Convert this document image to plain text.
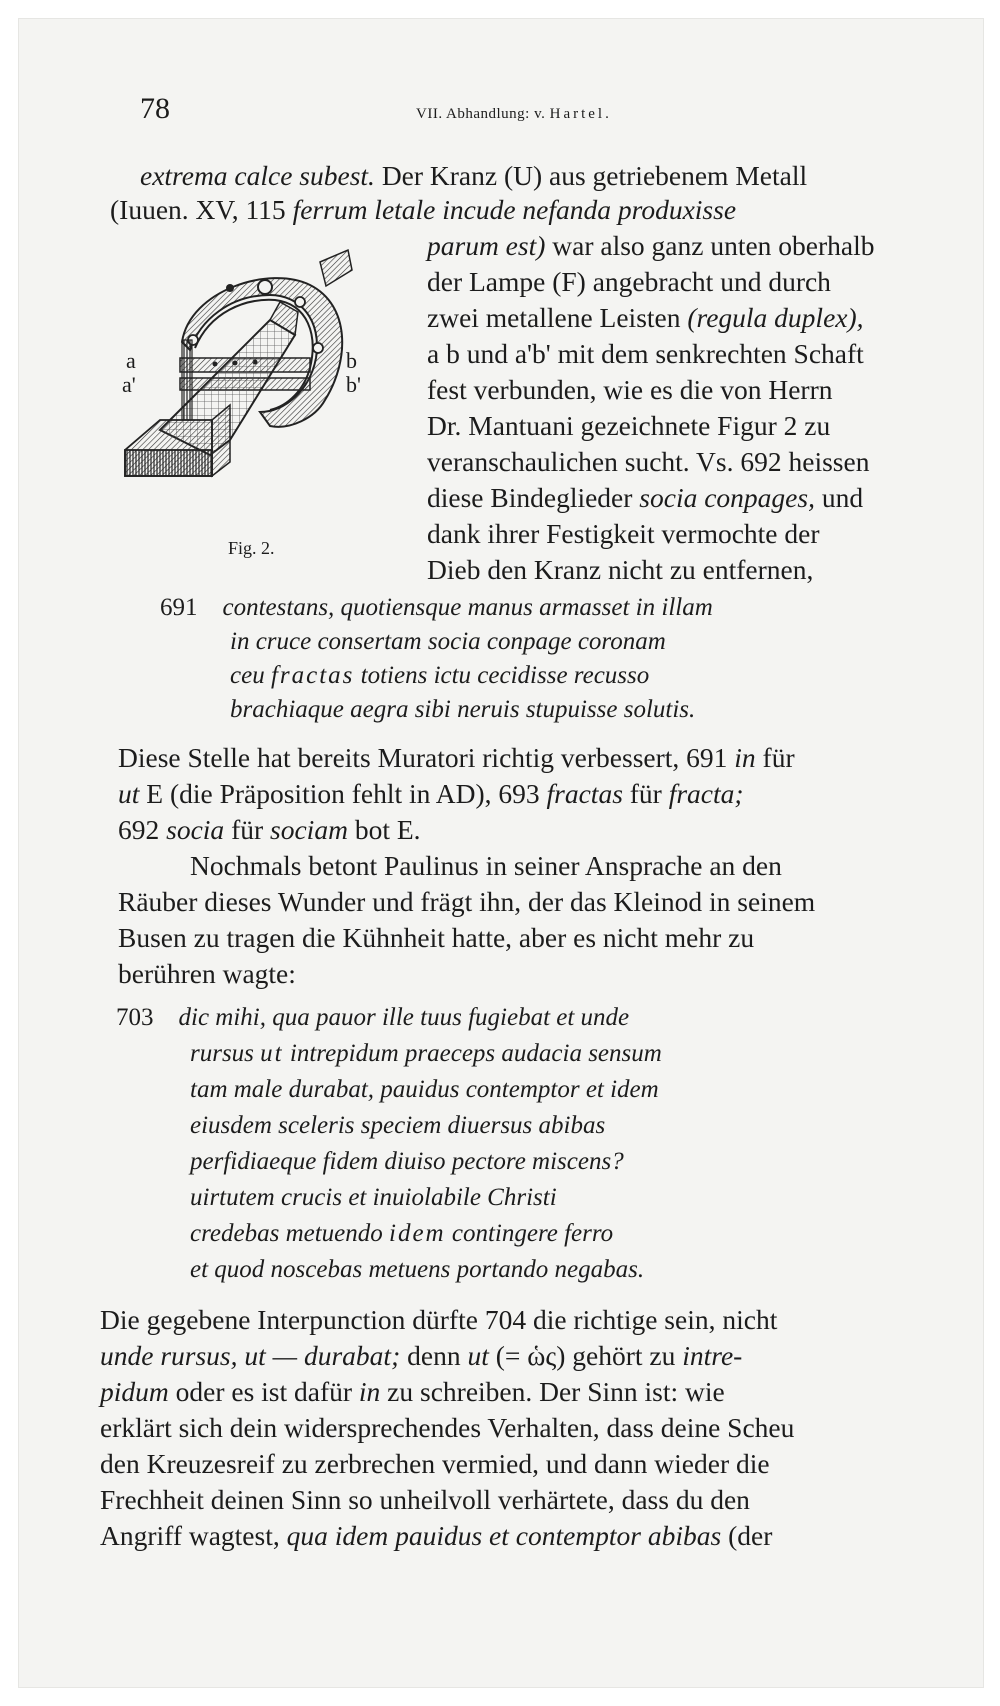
78	VII. Abhandlung: v. Hartel.
a
a'
b
b'
Fig. 2.

extrema calce subest. Der Kranz (U) aus getriebenem Metall

(Iuuen. XV, 115 ferrum letale incude nefanda produxisse

parum est) war also ganz unten oberhalb

der Lampe (F) angebracht und durch

zwei metallene Leisten (regula duplex),

a b und a'b' mit dem senkrechten Schaft

fest verbunden, wie es die von Herrn

Dr. Mantuani gezeichnete Figur 2 zu

veranschaulichen sucht. Vs. 692 heissen

diese Bindeglieder socia conpages, und

dank ihrer Festigkeit vermochte der

Dieb den Kranz nicht zu entfernen,

691 contestans, quotiensque manus armasset in illam

in cruce consertam socia conpage coronam

ceu fractas totiens ictu cecidisse recusso

brachiaque aegra sibi neruis stupuisse solutis.

Diese Stelle hat bereits Muratori richtig verbessert, 691 in für

ut E (die Präposition fehlt in AD), 693 fractas für fracta;

692 socia für sociam bot E.

Nochmals betont Paulinus in seiner Ansprache an den

Räuber dieses Wunder und frägt ihn, der das Kleinod in seinem

Busen zu tragen die Kühnheit hatte, aber es nicht mehr zu

berühren wagte:

703 dic mihi, qua pauor ille tuus fugiebat et unde

rursus ut intrepidum praeceps audacia sensum

tam male durabat, pauidus contemptor et idem

eiusdem sceleris speciem diuersus abibas

perfidiaeque fidem diuiso pectore miscens?

uirtutem crucis et inuiolabile Christi

credebas metuendo idem contingere ferro

et quod noscebas metuens portando negabas.

Die gegebene Interpunction dürfte 704 die richtige sein, nicht

unde rursus, ut — durabat; denn ut (= ὡς) gehört zu intre-

pidum oder es ist dafür in zu schreiben. Der Sinn ist: wie

erklärt sich dein widersprechendes Verhalten, dass deine Scheu

den Kreuzesreif zu zerbrechen vermied, und dann wieder die

Frechheit deinen Sinn so unheilvoll verhärtete, dass du den

Angriff wagtest, qua idem pauidus et contemptor abibas (der
